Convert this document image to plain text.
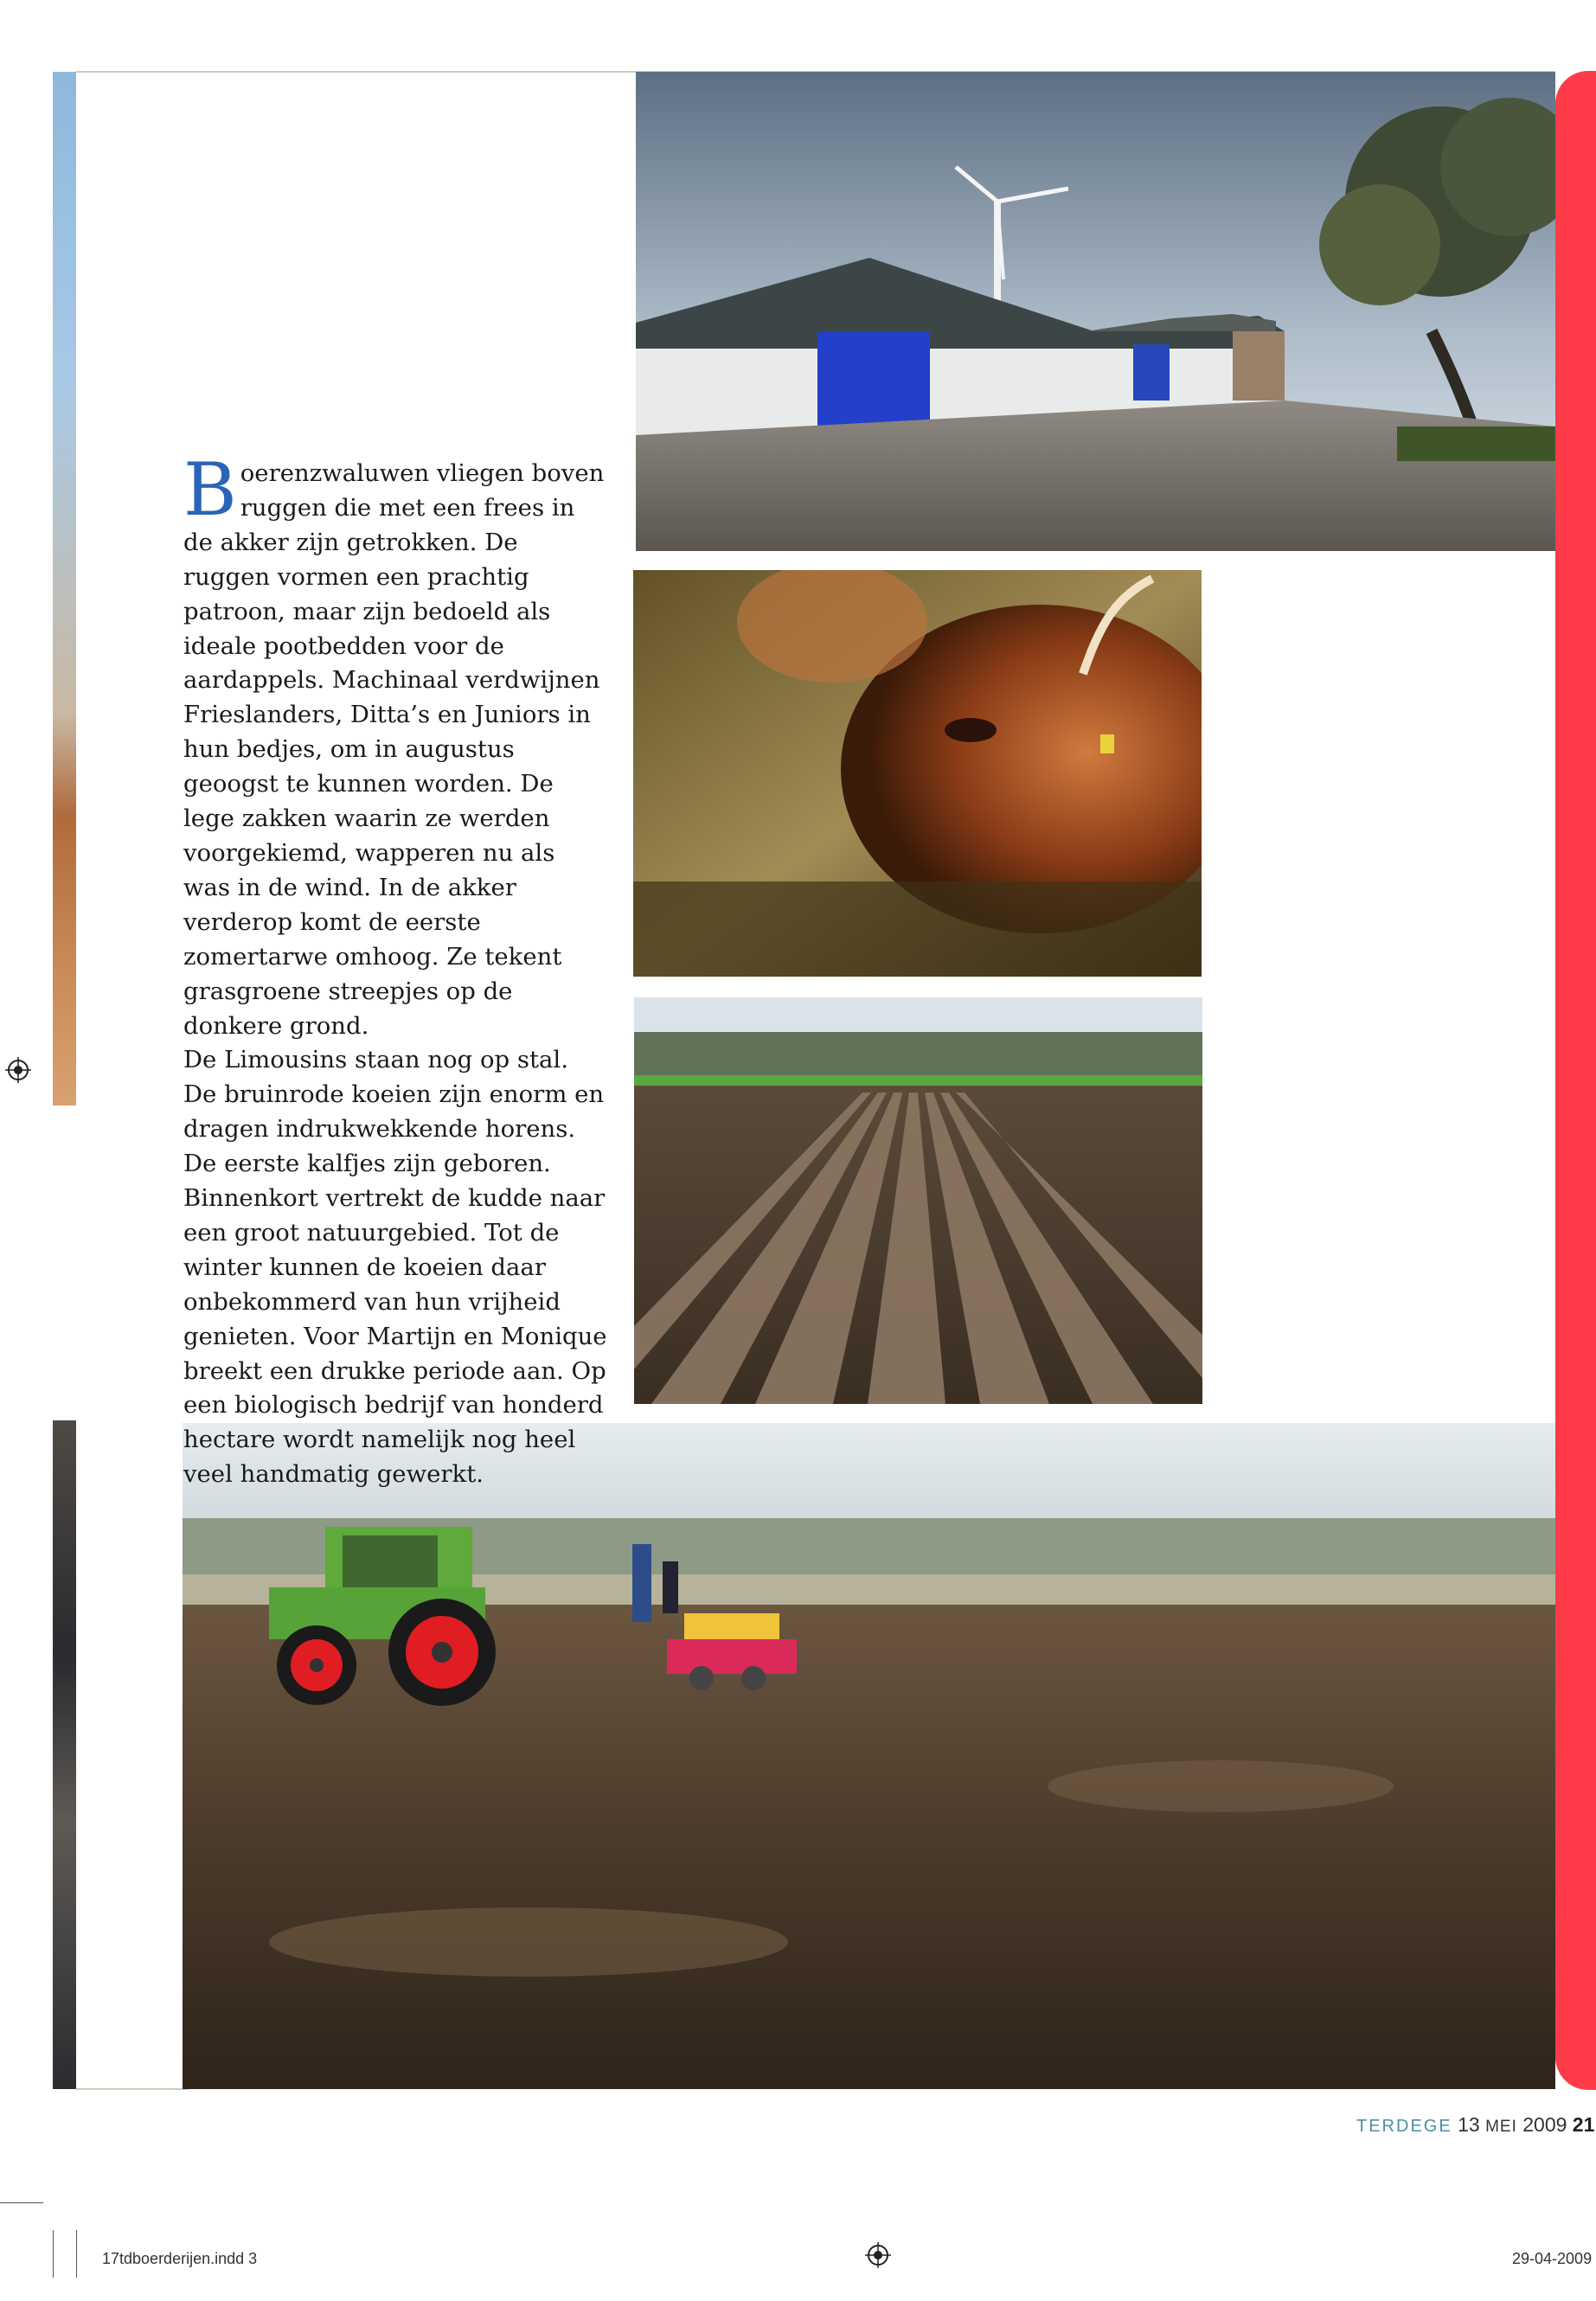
Boerenzwaluwen vliegen boven ruggen die met een frees in de akker zijn getrokken. De ruggen vormen een prachtig patroon, maar zijn bedoeld als ideale pootbedden voor de aardappels. Machinaal verdwijnen Frieslanders, Ditta’s en Juniors in hun bedjes, om in augustus geoogst te kunnen worden. De lege zakken waarin ze werden voorgekiemd, wapperen nu als was in de wind. In de akker verderop komt de eerste zomertarwe omhoog. Ze tekent grasgroene streepjes op de donkere grond.

De Limousins staan nog op stal. De bruinrode koeien zijn enorm en dragen indrukwekkende horens. De eerste kalfjes zijn geboren. Binnenkort vertrekt de kudde naar een groot natuurgebied. Tot de winter kunnen de koeien daar onbekommerd van hun vrijheid genieten. Voor Martijn en Monique breekt een drukke periode aan. Op een biologisch bedrijf van honderd hectare wordt namelijk nog heel veel handmatig gewerkt.

TERDEGE 13 MEI 2009 21
17tdboerderijen.indd 3	29-04-2009
